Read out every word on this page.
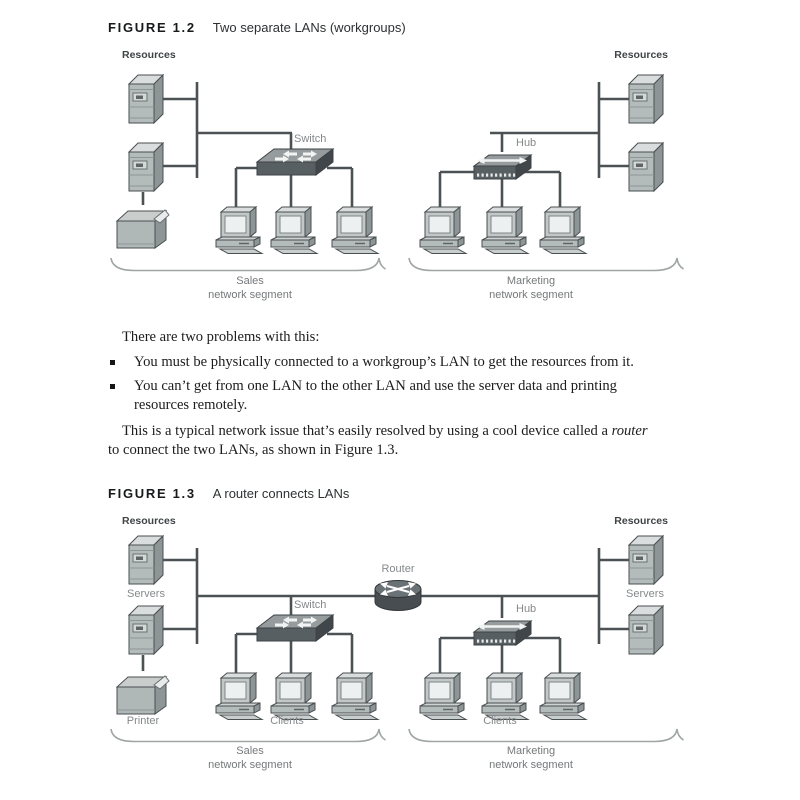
FIGURE 1.2 Two separate LANs (workgroups)
Resources
Switch
Sales
network segment
Resources
Hub
Marketing
network segment

There are two problems with this:

You must be physically connected to a workgroup’s LAN to get the resources from it.
You can’t get from one LAN to the other LAN and use the server data and printing
resources remotely.

This is a typical network issue that’s easily resolved by using a cool device called a router
to connect the two LANs, as shown in Figure 1.3.

FIGURE 1.3 A router connects LANs
Resources
Servers
Printer
Switch
Clients
Sales
network segment
Router
Resources
Servers
Hub
Clients
Marketing
network segment
